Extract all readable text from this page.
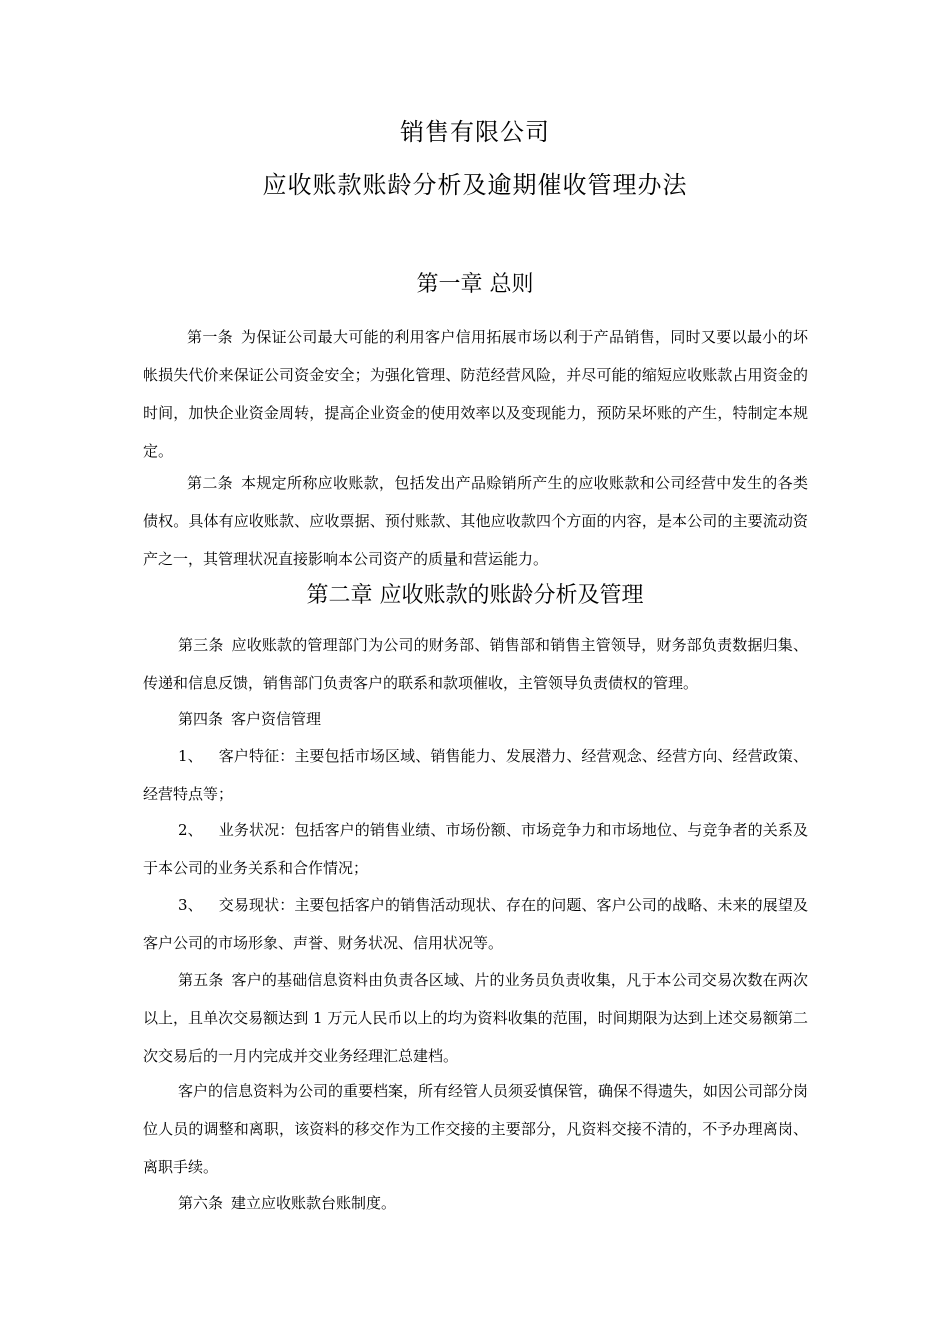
销售有限公司
应收账款账龄分析及逾期催收管理办法
第一章 总则

第一条 为保证公司最大可能的利用客户信用拓展市场以利于产品销售，同时又要以最小的坏帐损失代价来保证公司资金安全；为强化管理、防范经营风险，并尽可能的缩短应收账款占用资金的时间，加快企业资金周转，提高企业资金的使用效率以及变现能力，预防呆坏账的产生，特制定本规定。

第二条 本规定所称应收账款，包括发出产品赊销所产生的应收账款和公司经营中发生的各类债权。具体有应收账款、应收票据、预付账款、其他应收款四个方面的内容，是本公司的主要流动资产之一，其管理状况直接影响本公司资产的质量和营运能力。

第二章 应收账款的账龄分析及管理

第三条 应收账款的管理部门为公司的财务部、销售部和销售主管领导，财务部负责数据归集、传递和信息反馈，销售部门负责客户的联系和款项催收，主管领导负责债权的管理。

第四条 客户资信管理

1、 客户特征：主要包括市场区域、销售能力、发展潜力、经营观念、经营方向、经营政策、经营特点等；

2、 业务状况：包括客户的销售业绩、市场份额、市场竞争力和市场地位、与竞争者的关系及于本公司的业务关系和合作情况；

3、 交易现状：主要包括客户的销售活动现状、存在的问题、客户公司的战略、未来的展望及客户公司的市场形象、声誉、财务状况、信用状况等。

第五条 客户的基础信息资料由负责各区域、片的业务员负责收集，凡于本公司交易次数在两次以上，且单次交易额达到 1 万元人民币以上的均为资料收集的范围，时间期限为达到上述交易额第二次交易后的一月内完成并交业务经理汇总建档。

客户的信息资料为公司的重要档案，所有经管人员须妥慎保管，确保不得遗失，如因公司部分岗位人员的调整和离职，该资料的移交作为工作交接的主要部分，凡资料交接不清的，不予办理离岗、离职手续。

第六条 建立应收账款台账制度。
